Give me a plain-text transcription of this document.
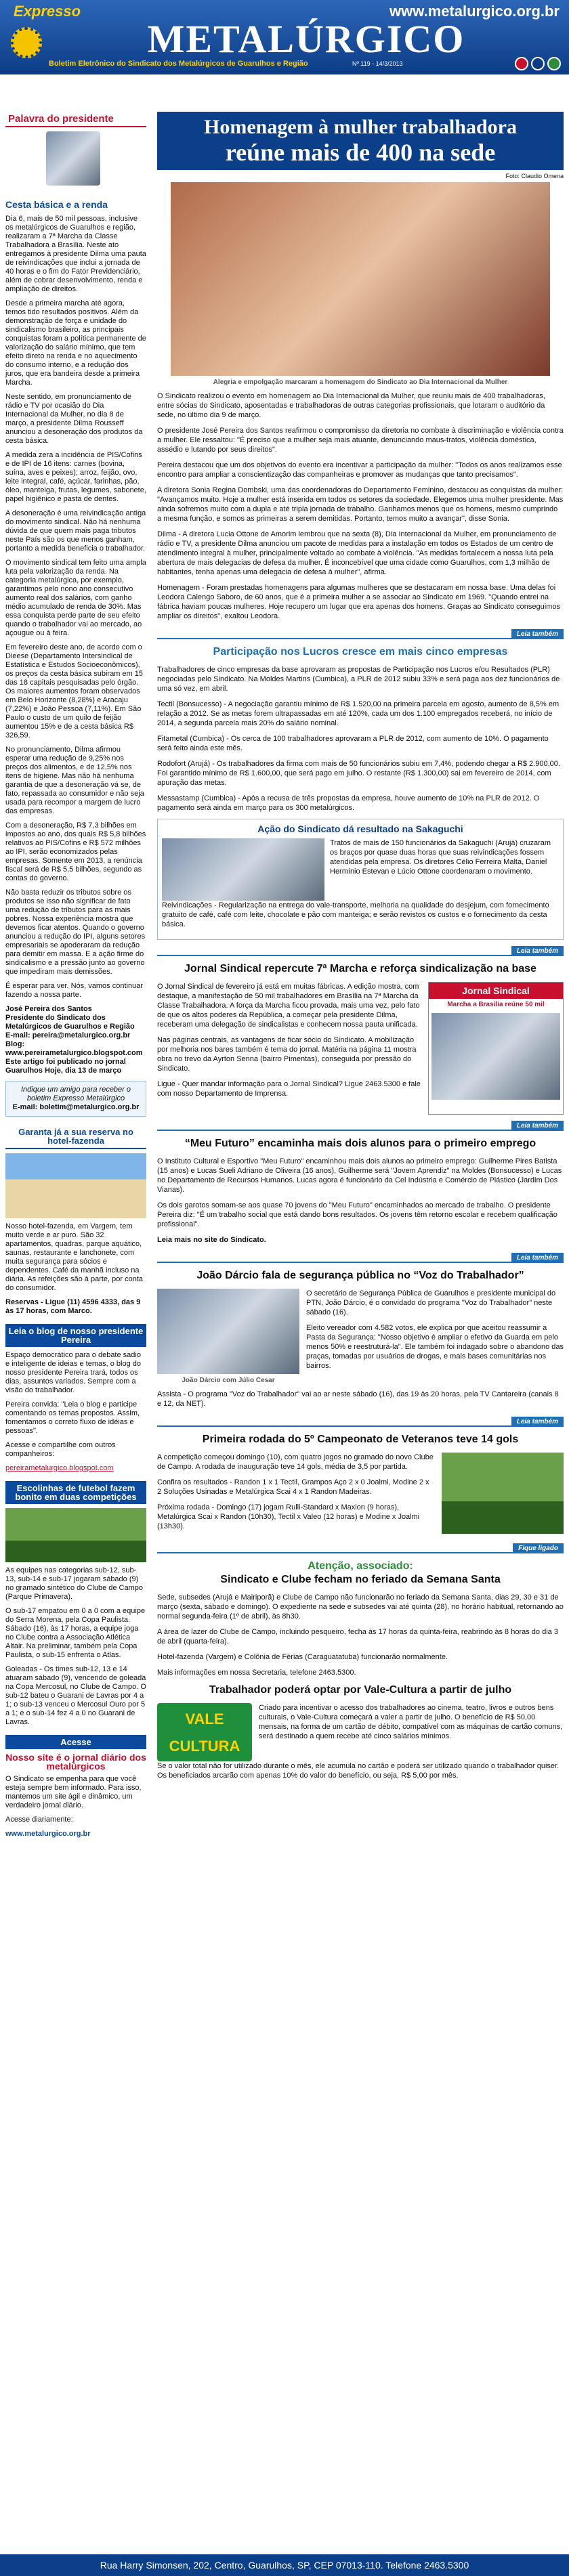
Expresso	www.metalurgico.org.br
METALÚRGICO
Boletim Eletrônico do Sindicato dos Metalúrgicos de Guarulhos e Região	Nº 119 - 14/3/2013
Palavra do presidente
Cesta básica e a renda

Dia 6, mais de 50 mil pessoas, inclusive os metalúrgicos de Guarulhos e região, realizaram a 7ª Marcha da Classe Trabalhadora a Brasília. Neste ato entregamos à presidente Dilma uma pauta de reivindicações que inclui a jornada de 40 horas e o fim do Fator Previdenciário, além de cobrar desenvolvimento, renda e ampliação de direitos.

Desde a primeira marcha até agora, temos tido resultados positivos. Além da demonstração de força e unidade do sindicalismo brasileiro, as principais conquistas foram a política permanente de valorização do salário mínimo, que tem efeito direto na renda e no aquecimento do consumo interno, e a redução dos juros, que era bandeira desde a primeira Marcha.

Neste sentido, em pronunciamento de rádio e TV por ocasião do Dia Internacional da Mulher, no dia 8 de março, a presidente Dilma Rousseff anunciou a desoneração dos produtos da cesta básica.

A medida zera a incidência de PIS/Cofins e de IPI de 16 itens: carnes (bovina, suína, aves e peixes); arroz, feijão, ovo, leite integral, café, açúcar, farinhas, pão, óleo, manteiga, frutas, legumes, sabonete, papel higiênico e pasta de dentes.

A desoneração é uma reivindicação antiga do movimento sindical. Não há nenhuma dúvida de que quem mais paga tributos neste País são os que menos ganham, portanto a medida beneficia o trabalhador.

O movimento sindical tem feito uma ampla luta pela valorização da renda. Na categoria metalúrgica, por exemplo, garantimos pelo nono ano consecutivo aumento real dos salários, com ganho médio acumulado de renda de 30%. Mas essa conquista perde parte de seu efeito quando o trabalhador vai ao mercado, ao açougue ou à feira.

Em fevereiro deste ano, de acordo com o Dieese (Departamento Intersindical de Estatística e Estudos Socioeconômicos), os preços da cesta básica subiram em 15 das 18 capitais pesquisadas pelo órgão. Os maiores aumentos foram observados em Belo Horizonte (8,28%) e Aracaju (7,22%) e João Pessoa (7,11%). Em São Paulo o custo de um quilo de feijão aumentou 15% e de a cesta básica R$ 326,59.

No pronunciamento, Dilma afirmou esperar uma redução de 9,25% nos preços dos alimentos, e de 12,5% nos itens de higiene. Mas não há nenhuma garantia de que a desoneração vá se, de fato, repassada ao consumidor e não seja usada para recompor a margem de lucro das empresas.

Com a desoneração, R$ 7,3 bilhões em impostos ao ano, dos quais R$ 5,8 bilhões relativos ao PIS/Cofins e R$ 572 milhões ao IPI, serão economizados pelas empresas. Somente em 2013, a renúncia fiscal será de R$ 5,5 bilhões, segundo as contas do governo.

Não basta reduzir os tributos sobre os produtos se isso não significar de fato uma redução de tributos para as mais pobres. Nossa experiência mostra que devemos ficar atentos. Quando o governo anunciou a redução do IPI, alguns setores empresariais se apoderaram da redução para demitir em massa. E a ação firme do sindicalismo e a pressão junto ao governo que impediram mais demissões.

É esperar para ver. Nós, vamos continuar fazendo a nossa parte.

José Pereira dos Santos
Presidente do Sindicato dos Metalúrgicos de Guarulhos e Região
E-mail: pereira@metalurgico.org.br
Blog: www.pereirametalurgico.blogspot.com
Este artigo foi publicado no jornal Guarulhos Hoje, dia 13 de março

Indique um amigo para receber o boletim Expresso Metalúrgico
E-mail: boletim@metalurgico.org.br
Garanta já a sua reserva no hotel-fazenda

Nosso hotel-fazenda, em Vargem, tem muito verde e ar puro. São 32 apartamentos, quadras, parque aquático, saunas, restaurante e lanchonete, com muita segurança para sócios e dependentes. Café da manhã incluso na diária. As refeições são à parte, por conta do consumidor.

Reservas - Ligue (11) 4596 4333, das 9 às 17 horas, com Marco.

Leia o blog de nosso presidente Pereira

Espaço democrático para o debate sadio e inteligente de ideias e temas, o blog do nosso presidente Pereira trará, todos os dias, assuntos variados. Sempre com a visão do trabalhador.

Pereira convida: "Leia o blog e participe comentando os temas propostos. Assim, fomentamos o correto fluxo de idéias e pessoas".

Acesse e compartilhe com outros companheiros:

pereirametalurgico.blogspot.com

Escolinhas de futebol fazem bonito em duas competições

As equipes nas categorias sub-12, sub-13, sub-14 e sub-17 jogaram sábado (9) no gramado sintético do Clube de Campo (Parque Primavera).

O sub-17 empatou em 0 a 0 com a equipe do Serra Morena, pela Copa Paulista. Sábado (16), às 17 horas, a equipe joga no Clube contra a Associação Atlética Altair. Na preliminar, também pela Copa Paulista, o sub-15 enfrenta o Atlas.

Goleadas - Os times sub-12, 13 e 14 atuaram sábado (9), vencendo de goleada na Copa Mercosul, no Clube de Campo. O sub-12 bateu o Guarani de Lavras por 4 a 1; o sub-13 venceu o Mercosul Ouro por 5 a 1; e o sub-14 fez 4 a 0 no Guarani de Lavras.

Acesse
Nosso site é o jornal diário dos metalúrgicos

O Sindicato se empenha para que você esteja sempre bem informado. Para isso, mantemos um site ágil e dinâmico, um verdadeiro jornal diário.

Acesse diariamente:

www.metalurgico.org.br

Homenagem à mulher trabalhadora
reúne mais de 400 na sede
Foto: Claudio Omena
Alegria e empolgação marcaram a homenagem do Sindicato ao Dia Internacional da Mulher

O Sindicato realizou o evento em homenagem ao Dia Internacional da Mulher, que reuniu mais de 400 trabalhadoras, entre sócias do Sindicato, aposentadas e trabalhadoras de outras categorias profissionais, que lotaram o auditório da sede, no último dia 9 de março.

O presidente José Pereira dos Santos reafirmou o compromisso da diretoria no combate à discriminação e violência contra a mulher. Ele ressaltou: "É preciso que a mulher seja mais atuante, denunciando maus-tratos, violência doméstica, assédio e lutando por seus direitos".

Pereira destacou que um dos objetivos do evento era incentivar a participação da mulher: "Todos os anos realizamos esse encontro para ampliar a conscientização das companheiras e promover as mudanças que tanto precisamos".

A diretora Sonia Regina Dombski, uma das coordenadoras do Departamento Feminino, destacou as conquistas da mulher: "Avançamos muito. Hoje a mulher está inserida em todos os setores da sociedade. Elegemos uma mulher presidente. Mas ainda sofremos muito com a dupla e até tripla jornada de trabalho. Ganhamos menos que os homens, mesmo cumprindo a mesma função, e somos as primeiras a serem demitidas. Portanto, temos muito a avançar", disse Sonia.

Dilma - A diretora Lucia Ottone de Amorim lembrou que na sexta (8), Dia Internacional da Mulher, em pronunciamento de rádio e TV, a presidente Dilma anunciou um pacote de medidas para a instalação em todos os Estados de um centro de atendimento integral à mulher, principalmente voltado ao combate à violência. "As medidas fortalecem a nossa luta pela abertura de mais delegacias de defesa da mulher. É inconcebível que uma cidade como Guarulhos, com 1,3 milhão de habitantes, tenha apenas uma delegacia de defesa à mulher", afirma.

Homenagem - Foram prestadas homenagens para algumas mulheres que se destacaram em nossa base. Uma delas foi Leodora Calengo Saboro, de 60 anos, que é a primeira mulher a se associar ao Sindicato em 1969. "Quando entrei na fábrica haviam poucas mulheres. Hoje recupero um lugar que era apenas dos homens. Graças ao Sindicato conseguimos ampliar os direitos", exaltou Leodora.

Leia também
Participação nos Lucros cresce em mais cinco empresas

Trabalhadores de cinco empresas da base aprovaram as propostas de Participação nos Lucros e/ou Resultados (PLR) negociadas pelo Sindicato. Na Moldes Martins (Cumbica), a PLR de 2012 subiu 33% e será paga aos dez funcionários de uma só vez, em abril.

Tectil (Bonsucesso) - A negociação garantiu mínimo de R$ 1.520,00 na primeira parcela em agosto, aumento de 8,5% em relação a 2012. Se as metas forem ultrapassadas em até 120%, cada um dos 1.100 empregados receberá, no início de 2014, a segunda parcela mais 20% do salário nominal.

Fitametal (Cumbica) - Os cerca de 100 trabalhadores aprovaram a PLR de 2012, com aumento de 10%. O pagamento será feito ainda este mês.

Rodofort (Arujá) - Os trabalhadores da firma com mais de 50 funcionários subiu em 7,4%, podendo chegar a R$ 2.900,00. Foi garantido mínimo de R$ 1.600,00, que será pago em julho. O restante (R$ 1.300,00) sai em fevereiro de 2014, com apuração das metas.

Messastamp (Cumbica) - Após a recusa de três propostas da empresa, houve aumento de 10% na PLR de 2012. O pagamento será ainda em março para os 300 metalúrgicos.

Ação do Sindicato dá resultado na Sakaguchi

Tratos de mais de 150 funcionários da Sakaguchi (Arujá) cruzaram os braços por quase duas horas que suas reivindicações fossem atendidas pela empresa. Os diretores Célio Ferreira Malta, Daniel Hermínio Estevan e Lúcio Ottone coordenaram o movimento.

Reivindicações - Regularização na entrega do vale-transporte, melhoria na qualidade do desjejum, com fornecimento gratuito de café, café com leite, chocolate e pão com manteiga; e serão revistos os custos e o fornecimento da cesta básica.

Leia também
Jornal Sindical repercute 7ª Marcha e reforça sindicalização na base

O Jornal Sindical de fevereiro já está em muitas fábricas. A edição mostra, com destaque, a manifestação de 50 mil trabalhadores em Brasília na 7ª Marcha da Classe Trabalhadora. A força da Marcha ficou provada, mais uma vez, pelo fato de que os altos poderes da República, a começar pela presidente Dilma, receberam uma delegação de sindicalistas e conhecem nossa pauta unificada.

Nas páginas centrais, as vantagens de ficar sócio do Sindicato. A mobilização por melhoria nos bares também é tema do jornal. Matéria na página 11 mostra obra no trevo da Ayrton Senna (bairro Pimentas), conseguida por pressão do Sindicato.

Ligue - Quer mandar informação para o Jornal Sindical? Ligue 2463.5300 e fale com nosso Departamento de Imprensa.

Jornal Sindical
Marcha a Brasília reúne 50 mil
Leia também
“Meu Futuro” encaminha mais dois alunos para o primeiro emprego

O Instituto Cultural e Esportivo "Meu Futuro" encaminhou mais dois alunos ao primeiro emprego: Guilherme Pires Batista (15 anos) e Lucas Sueli Adriano de Oliveira (16 anos), Guilherme será "Jovem Aprendiz" na Moldes (Bonsucesso) e Lucas no Departamento de Recursos Humanos. Lucas agora é funcionário da Cel Indústria e Comércio de Plástico (Jardim Dos Vianas).

Os dois garotos somam-se aos quase 70 jovens do "Meu Futuro" encaminhados ao mercado de trabalho. O presidente Pereira diz: "É um trabalho social que está dando bons resultados. Os jovens têm retorno escolar e recebem qualificação profissional".

Leia mais no site do Sindicato.

Leia também
João Dárcio fala de segurança pública no “Voz do Trabalhador”
João Dárcio com Júlio Cesar

O secretário de Segurança Pública de Guarulhos e presidente municipal do PTN, João Dárcio, é o convidado do programa "Voz do Trabalhador" neste sábado (16).

Eleito vereador com 4.582 votos, ele explica por que aceitou reassumir a Pasta da Segurança: "Nosso objetivo é ampliar o efetivo da Guarda em pelo menos 50% e reestruturá-la". Ele também foi indagado sobre o abandono das praças, tomadas por usuários de drogas, e mais bases comunitárias nos bairros.

Assista - O programa "Voz do Trabalhador" vai ao ar neste sábado (16), das 19 às 20 horas, pela TV Cantareira (canais 8 e 12, da NET).

Leia também
Primeira rodada do 5º Campeonato de Veteranos teve 14 gols

A competição começou domingo (10), com quatro jogos no gramado do novo Clube de Campo. A rodada de inauguração teve 14 gols, média de 3,5 por partida.

Confira os resultados - Randon 1 x 1 Tectil, Grampos Aço 2 x 0 Joalmi, Modine 2 x 2 Soluções Usinadas e Metalúrgica Scai 4 x 1 Randon Madeiras.

Próxima rodada - Domingo (17) jogam Rulli-Standard x Maxion (9 horas), Metalúrgica Scai x Randon (10h30), Tectil x Valeo (12 horas) e Modine x Joalmi (13h30).

Fique ligado
Atenção, associado:
Sindicato e Clube fecham no feriado da Semana Santa

Sede, subsedes (Arujá e Mairiporã) e Clube de Campo não funcionarão no feriado da Semana Santa, dias 29, 30 e 31 de março (sexta, sábado e domingo). O expediente na sede e subsedes vai até quinta (28), no horário habitual, retornando ao normal segunda-feira (1º de abril), às 8h30.

A área de lazer do Clube de Campo, incluindo pesqueiro, fecha às 17 horas da quinta-feira, reabrindo às 8 horas do dia 3 de abril (quarta-feira).

Hotel-fazenda (Vargem) e Colônia de Férias (Caraguatatuba) funcionarão normalmente.

Mais informações em nossa Secretaria, telefone 2463.5300.

Trabalhador poderá optar por Vale-Cultura a partir de julho
VALE CULTURA

Criado para incentivar o acesso dos trabalhadores ao cinema, teatro, livros e outros bens culturais, o Vale-Cultura começará a valer a partir de julho. O benefício de R$ 50,00 mensais, na forma de um cartão de débito, compatível com as máquinas de cartão comuns, será destinado a quem recebe até cinco salários mínimos.

Se o valor total não for utilizado durante o mês, ele acumula no cartão e poderá ser utilizado quando o trabalhador quiser. Os beneficiados arcarão com apenas 10% do valor do benefício, ou seja, R$ 5,00 por mês.

Rua Harry Simonsen, 202, Centro, Guarulhos, SP, CEP 07013-110. Telefone 2463.5300
